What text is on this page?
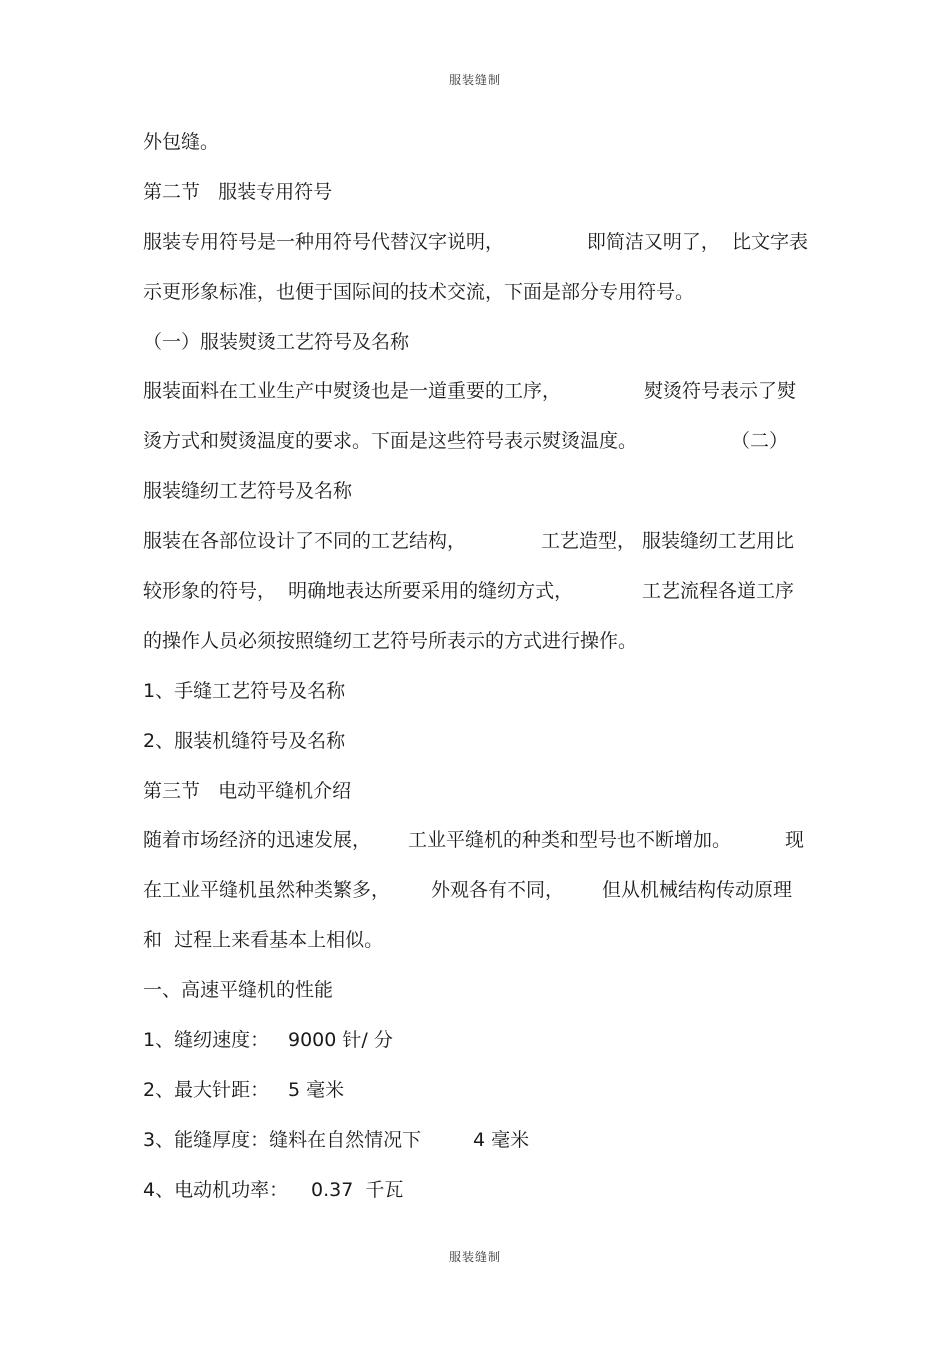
服装缝制
外包缝。
第二节   服装专用符号
服装专用符号是一种用符号代替汉字说明，	即简洁又明了，  比文字表
示更形象标准，也便于国际间的技术交流，下面是部分专用符号。
（一）服装熨烫工艺符号及名称
服装面料在工业生产中熨烫也是一道重要的工序，	熨烫符号表示了熨
烫方式和熨烫温度的要求。下面是这些符号表示熨烫温度。	（二）
服装缝纫工艺符号及名称
服装在各部位设计了不同的工艺结构，	工艺造型， 服装缝纫工艺用比
较形象的符号，  明确地表达所要采用的缝纫方式，	工艺流程各道工序
的操作人员必须按照缝纫工艺符号所表示的方式进行操作。
1、手缝工艺符号及名称
2、服装机缝符号及名称
第三节   电动平缝机介绍
随着市场经济的迅速发展， 工业平缝机的种类和型号也不断增加。	现
在工业平缝机虽然种类繁多， 外观各有不同， 但从机械结构传动原理
和  过程上来看基本上相似。
一、高速平缝机的性能
1、缝纫速度： 9000 针/ 分
2、最大针距： 5 毫米
3、能缝厚度：缝料在自然情况下	4 毫米
4、电动机功率： 0.37  千瓦
服装缝制
